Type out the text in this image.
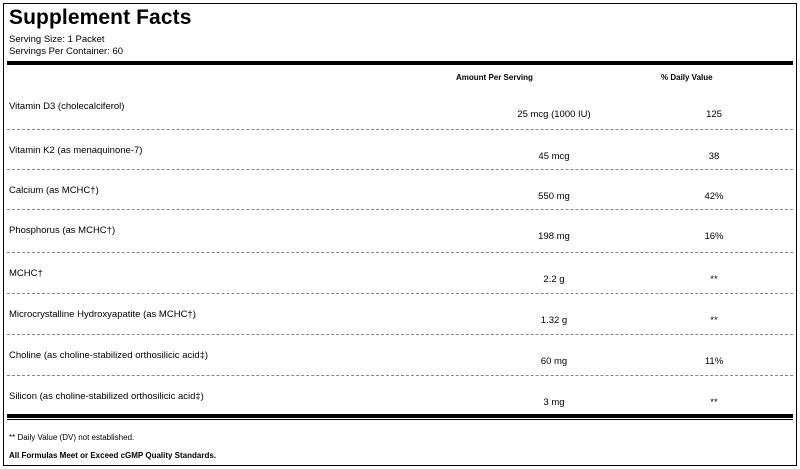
Supplement Facts
Serving Size: 1 Packet
Servings Per Container: 60
Amount Per Serving	% Daily Value
Vitamin D3 (cholecalciferol)
25 mcg (1000 IU)	125
Vitamin K2 (as menaquinone-7)
45 mcg	38
Calcium (as MCHC†)
550 mg	42%
Phosphorus (as MCHC†)
198 mg	16%
MCHC†
2.2 g	**
Microcrystalline Hydroxyapatite (as MCHC†)
1.32 g	**
Choline (as choline-stabilized orthosilicic acid‡)
60 mg	11%
Silicon (as choline-stabilized orthosilicic acid‡)
3 mg	**
** Daily Value (DV) not established.
All Formulas Meet or Exceed cGMP Quality Standards.
